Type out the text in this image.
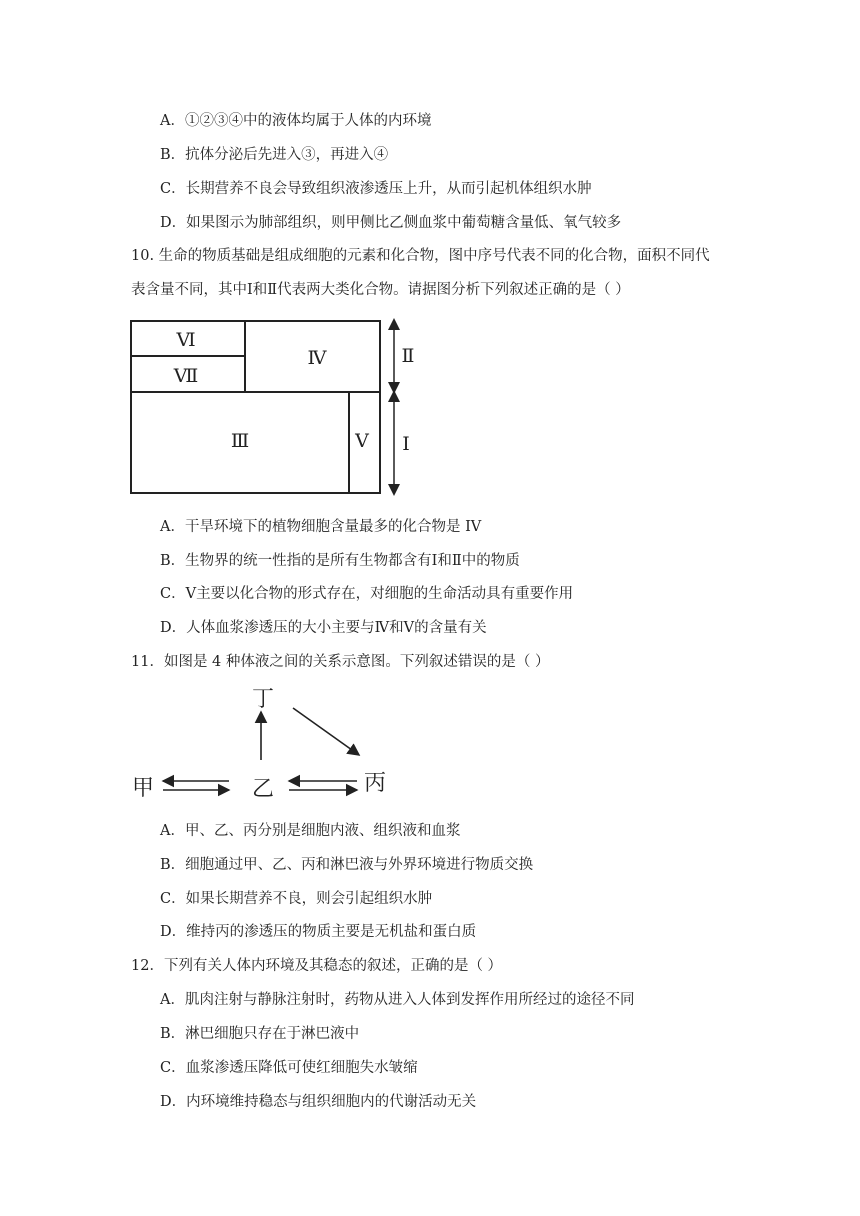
A．①②③④中的液体均属于人体的内环境
B．抗体分泌后先进入③，再进入④
C．长期营养不良会导致组织液渗透压上升，从而引起机体组织水肿
D．如果图示为肺部组织，则甲侧比乙侧血浆中葡萄糖含量低、氧气较多
10. 生命的物质基础是组成细胞的元素和化合物，图中序号代表不同的化合物，面积不同代
表含量不同，其中Ⅰ和Ⅱ代表两大类化合物。请据图分析下列叙述正确的是（ ）
Ⅵ
Ⅶ
Ⅳ
Ⅲ	Ⅴ
Ⅱ
Ⅰ
A．干旱环境下的植物细胞含量最多的化合物是 IV
B．生物界的统一性指的是所有生物都含有Ⅰ和Ⅱ中的物质
C．Ⅴ主要以化合物的形式存在，对细胞的生命活动具有重要作用
D．人体血浆渗透压的大小主要与Ⅳ和Ⅴ的含量有关
11．如图是 4 种体液之间的关系示意图。下列叙述错误的是（ ）
丁
甲	乙	丙
A．甲、乙、丙分别是细胞内液、组织液和血浆
B．细胞通过甲、乙、丙和淋巴液与外界环境进行物质交换
C．如果长期营养不良，则会引起组织水肿
D．维持丙的渗透压的物质主要是无机盐和蛋白质
12．下列有关人体内环境及其稳态的叙述，正确的是（ ）
A．肌肉注射与静脉注射时，药物从进入人体到发挥作用所经过的途径不同
B．淋巴细胞只存在于淋巴液中
C．血浆渗透压降低可使红细胞失水皱缩
D．内环境维持稳态与组织细胞内的代谢活动无关
